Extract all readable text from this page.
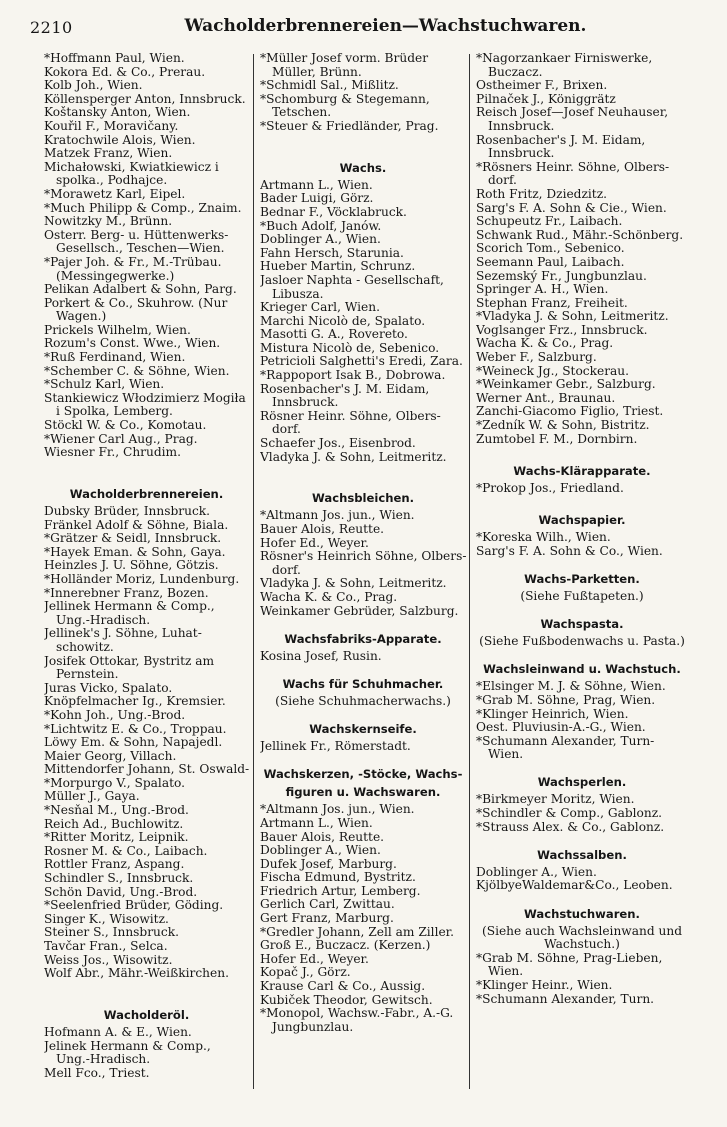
2210	Wacholderbrennereien—Wachstuchwaren.
*Hoffmann Paul, Wien.
Kokora Ed. & Co., Prerau.
Kolb Joh., Wien.
Köllensperger Anton, Innsbruck.
Koštansky Anton, Wien.
Kouřil F., Moravičany.
Kratochwile Alois, Wien.
Matzek Franz, Wien.
Michałowski, Kwiatkiewicz i
spolka., Podhajce.
*Morawetz Karl, Eipel.
*Much Philipp & Comp., Znaim.
Nowitzky M., Brünn.
Österr. Berg- u. Hüttenwerks-
Gesellsch., Teschen—Wien.
*Pajer Joh. & Fr., M.-Trübau.
(Messingegwerke.)
Pelikan Adalbert & Sohn, Parg.
Porkert & Co., Skuhrow. (Nur
Wagen.)
Prickels Wilhelm, Wien.
Rozum's Const. Wwe., Wien.
*Ruß Ferdinand, Wien.
*Schember C. & Söhne, Wien.
*Schulz Karl, Wien.
Stankiewicz Włodzimierz Mogiła
i Spolka, Lemberg.
Stöckl W. & Co., Komotau.
*Wiener Carl Aug., Prag.
Wiesner Fr., Chrudim.
Wacholderbrennereien.
Dubsky Brüder, Innsbruck.
Fränkel Adolf & Söhne, Biala.
*Grätzer & Seidl, Innsbruck.
*Hayek Eman. & Sohn, Gaya.
Heinzles J. U. Söhne, Götzis.
*Holländer Moriz, Lundenburg.
*Innerebner Franz, Bozen.
Jellinek Hermann & Comp.,
Ung.-Hradisch.
Jellinek's J. Söhne, Luhat-
schowitz.
Josifek Ottokar, Bystritz am
Pernstein.
Juras Vicko, Spalato.
Knöpfelmacher Ig., Kremsier.
*Kohn Joh., Ung.-Brod.
*Lichtwitz E. & Co., Troppau.
Löwy Em. & Sohn, Napajedl.
Maier Georg, Villach.
Mittendorfer Johann, St. Oswald-
*Morpurgo V., Spalato.
Müller J., Gaya.
*Nesňal M., Ung.-Brod.
Reich Ad., Buchlowitz.
*Ritter Moritz, Leipnik.
Rosner M. & Co., Laibach.
Rottler Franz, Aspang.
Schindler S., Innsbruck.
Schön David, Ung.-Brod.
*Seelenfried Brüder, Göding.
Singer K., Wisowitz.
Steiner S., Innsbruck.
Tavčar Fran., Selca.
Weiss Jos., Wisowitz.
Wolf Abr., Mähr.-Weißkirchen.
Wacholderöl.
Hofmann A. & E., Wien.
Jelinek Hermann & Comp.,
Ung.-Hradisch.
Mell Fco., Triest.
*Müller Josef vorm. Brüder
Müller, Brünn.
*Schmidl Sal., Mißlitz.
*Schomburg & Stegemann,
Tetschen.
*Steuer & Friedländer, Prag.
Wachs.
Artmann L., Wien.
Bader Luigi, Görz.
Bednar F., Vöcklabruck.
*Buch Adolf, Janów.
Doblinger A., Wien.
Fahn Hersch, Starunia.
Hueber Martin, Schrunz.
Jasloer Naphta - Gesellschaft,
Libusza.
Krieger Carl, Wien.
Marchi Nicolò de, Spalato.
Masotti G. A., Rovereto.
Mistura Nicolò de, Sebenico.
Petricioli Salghetti's Eredi, Zara.
*Rappoport Isak B., Dobrowa.
Rosenbacher's J. M. Eidam,
Innsbruck.
Rösner Heinr. Söhne, Olbers-
dorf.
Schaefer Jos., Eisenbrod.
Vladyka J. & Sohn, Leitmeritz.
Wachsbleichen.
*Altmann Jos. jun., Wien.
Bauer Alois, Reutte.
Hofer Ed., Weyer.
Rösner's Heinrich Söhne, Olbers-
dorf.
Vladyka J. & Sohn, Leitmeritz.
Wacha K. & Co., Prag.
Weinkamer Gebrüder, Salzburg.
Wachsfabriks-Apparate.
Kosina Josef, Rusin.
Wachs für Schuhmacher.
(Siehe Schuhmacherwachs.)
Wachskernseife.
Jellinek Fr., Römerstadt.
Wachskerzen, -Stöcke, Wachs-
figuren u. Wachswaren.
*Altmann Jos. jun., Wien.
Artmann L., Wien.
Bauer Alois, Reutte.
Doblinger A., Wien.
Dufek Josef, Marburg.
Fischa Edmund, Bystritz.
Friedrich Artur, Lemberg.
Gerlich Carl, Zwittau.
Gert Franz, Marburg.
*Gredler Johann, Zell am Ziller.
Groß E., Buczacz. (Kerzen.)
Hofer Ed., Weyer.
Kopač J., Görz.
Krause Carl & Co., Aussig.
Kubiček Theodor, Gewitsch.
*Monopol, Wachsw.-Fabr., A.-G.
Jungbunzlau.
*Nagorzankaer Firniswerke,
Buczacz.
Ostheimer F., Brixen.
Pilnaček J., Königgrätz
Reisch Josef—Josef Neuhauser,
Innsbruck.
Rosenbacher's J. M. Eidam,
Innsbruck.
*Rösners Heinr. Söhne, Olbers-
dorf.
Roth Fritz, Dziedzitz.
Sarg's F. A. Sohn & Cie., Wien.
Schupeutz Fr., Laibach.
Schwank Rud., Mähr.-Schönberg.
Scorich Tom., Sebenico.
Seemann Paul, Laibach.
Sezemský Fr., Jungbunzlau.
Springer A. H., Wien.
Stephan Franz, Freiheit.
*Vladyka J. & Sohn, Leitmeritz.
Voglsanger Frz., Innsbruck.
Wacha K. & Co., Prag.
Weber F., Salzburg.
*Weineck Jg., Stockerau.
*Weinkamer Gebr., Salzburg.
Werner Ant., Braunau.
Zanchi-Giacomo Figlio, Triest.
*Zedník W. & Sohn, Bistritz.
Zumtobel F. M., Dornbirn.
Wachs-Klärapparate.
*Prokop Jos., Friedland.
Wachspapier.
*Koreska Wilh., Wien.
Sarg's F. A. Sohn & Co., Wien.
Wachs-Parketten.
(Siehe Fußtapeten.)
Wachspasta.
(Siehe Fußbodenwachs u. Pasta.)
Wachsleinwand u. Wachstuch.
*Elsinger M. J. & Söhne, Wien.
*Grab M. Söhne, Prag, Wien.
*Klinger Heinrich, Wien.
Oest. Pluviusin-A.-G., Wien.
*Schumann Alexander, Turn-
Wien.
Wachsperlen.
*Birkmeyer Moritz, Wien.
*Schindler & Comp., Gablonz.
*Strauss Alex. & Co., Gablonz.
Wachssalben.
Doblinger A., Wien.
KjölbyeWaldemar&Co., Leoben.
Wachstuchwaren.
(Siehe auch Wachsleinwand und
Wachstuch.)
*Grab M. Söhne, Prag-Lieben,
Wien.
*Klinger Heinr., Wien.
*Schumann Alexander, Turn.
